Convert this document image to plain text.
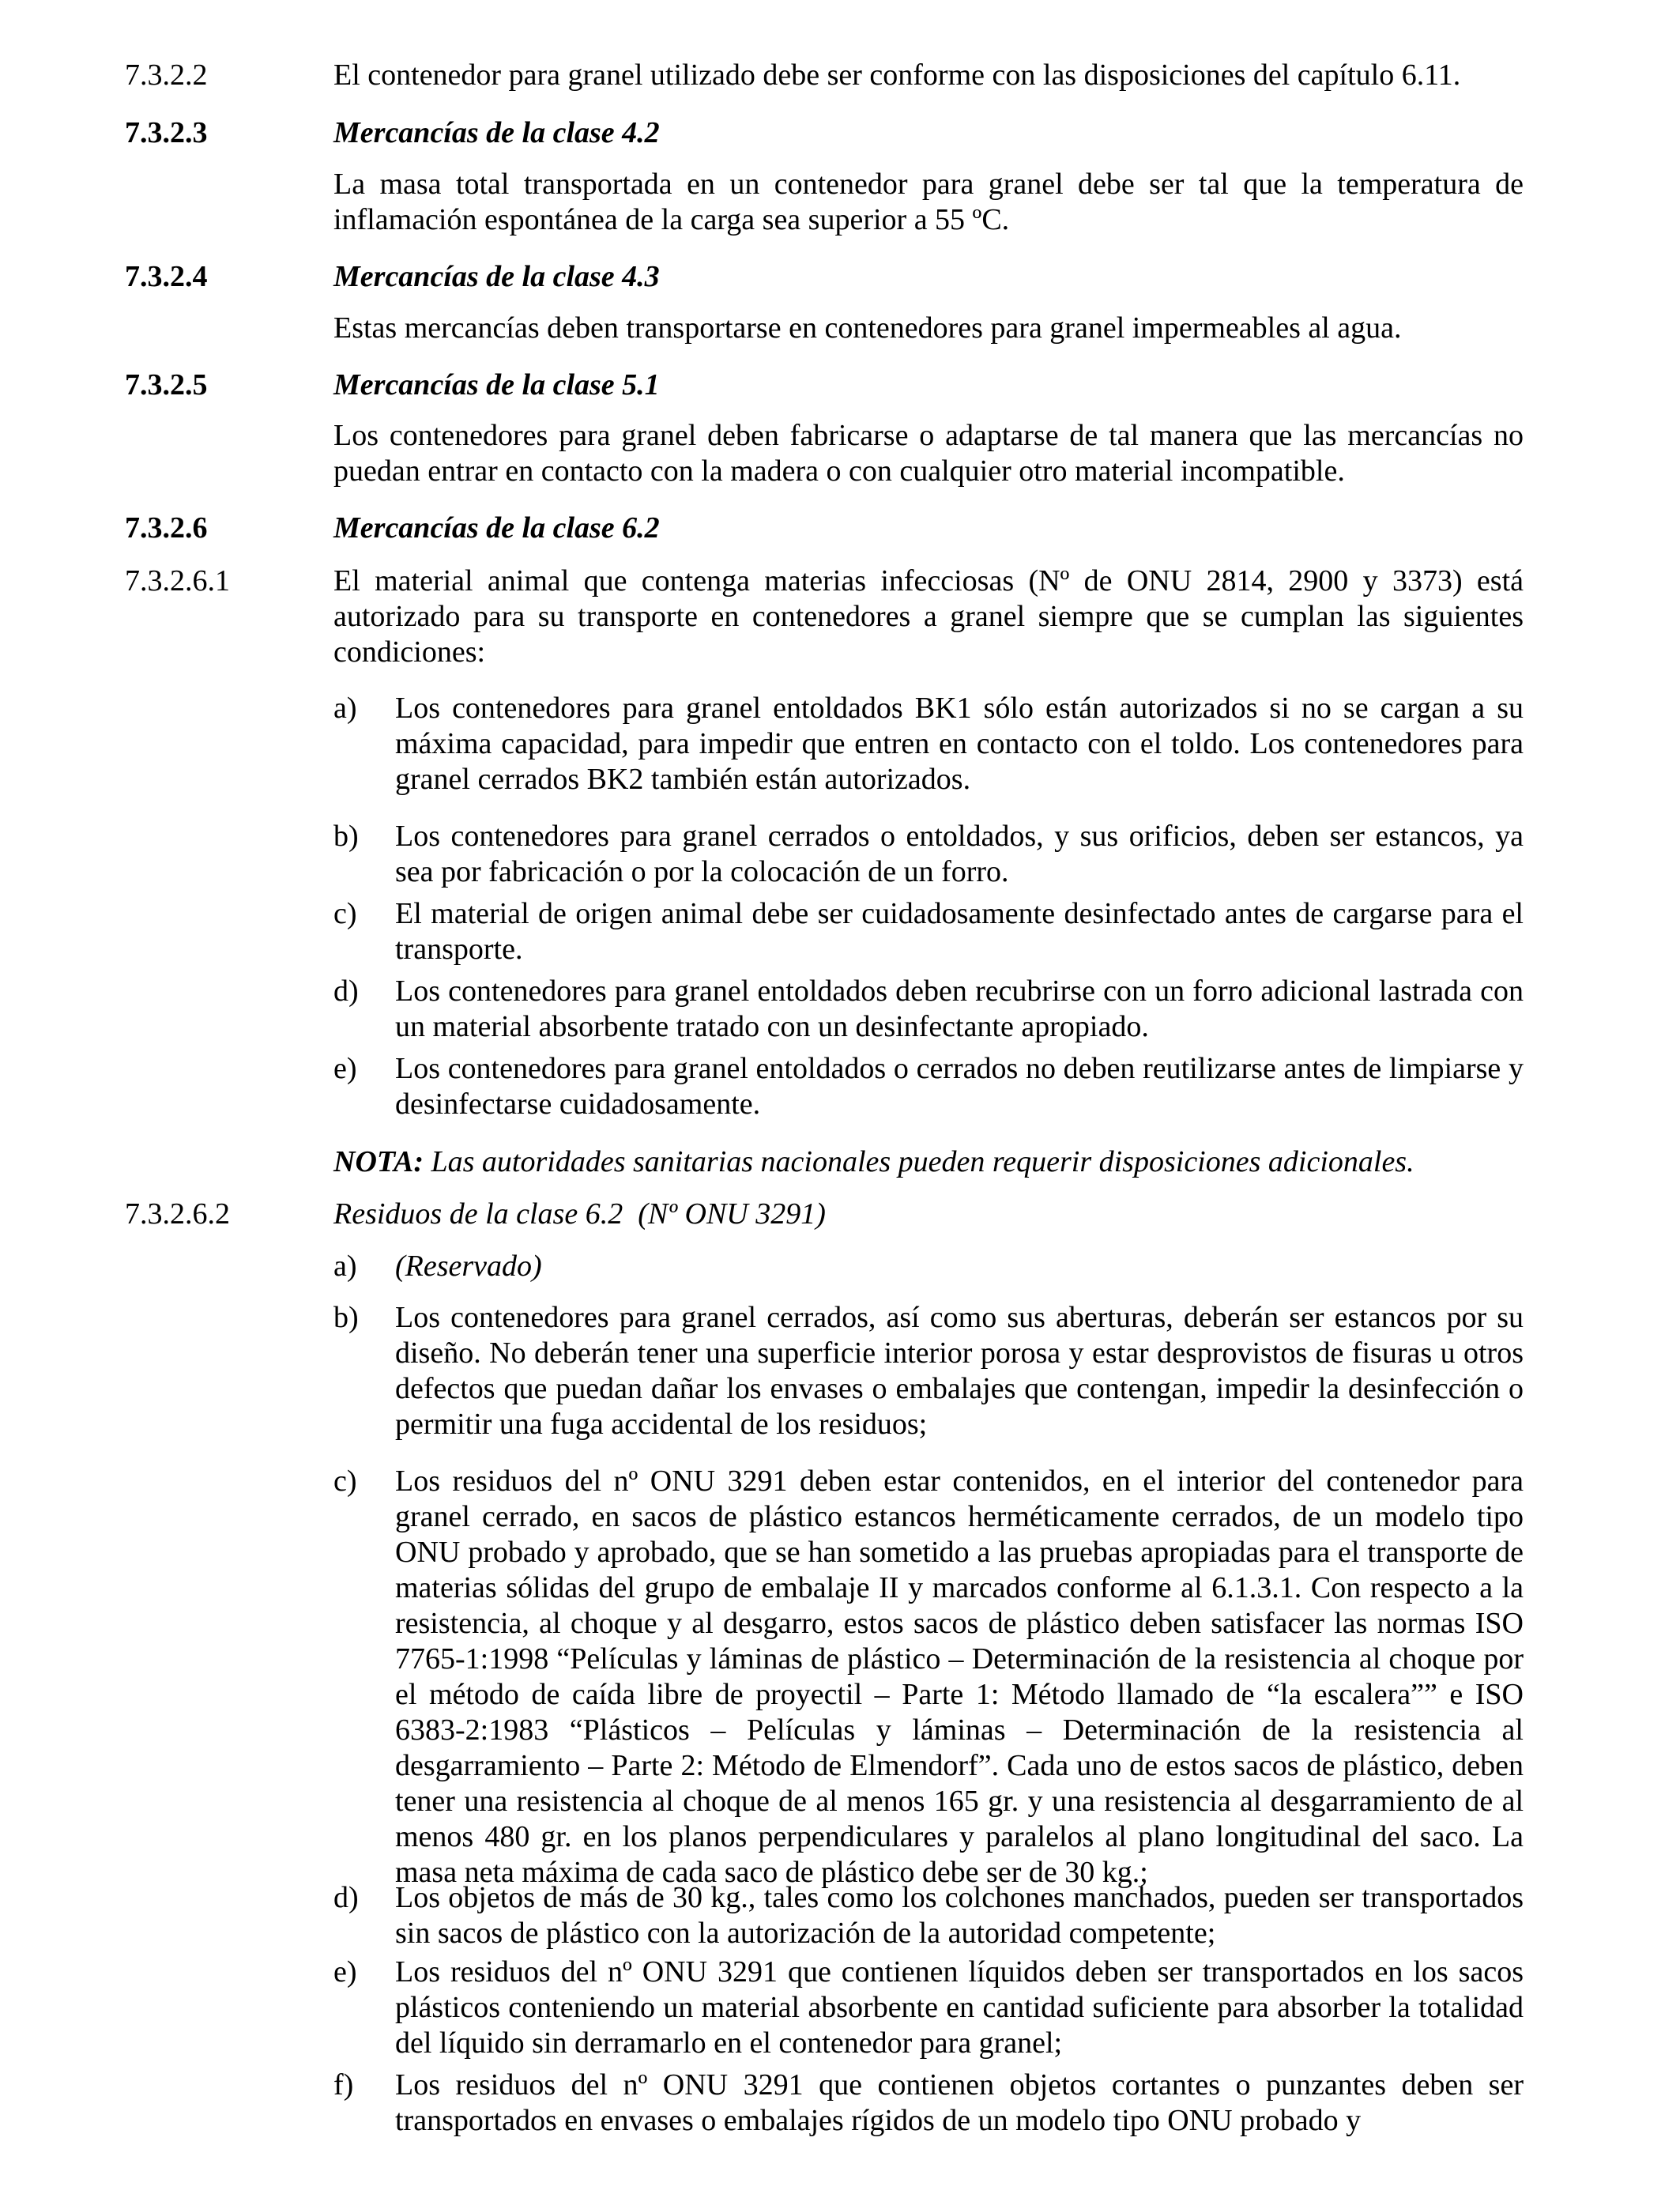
7.3.2.2	El contenedor para granel utilizado debe ser conforme con las disposiciones del capítulo 6.11.
7.3.2.3	Mercancías de la clase 4.2
La masa total transportada en un contenedor para granel debe ser tal que la temperatura de inflamación espontánea de la carga sea superior a 55 ºC.
7.3.2.4	Mercancías de la clase 4.3
Estas mercancías deben transportarse en contenedores para granel impermeables al agua.
7.3.2.5	Mercancías de la clase 5.1
Los contenedores para granel deben fabricarse o adaptarse de tal manera que las mercancías no puedan entrar en contacto con la madera o con cualquier otro material incompatible.
7.3.2.6	Mercancías de la clase 6.2
7.3.2.6.1	El material animal que contenga materias infecciosas (Nº de ONU 2814, 2900 y 3373) está autorizado para su transporte en contenedores a granel siempre que se cumplan las siguientes condiciones:
a) Los contenedores para granel entoldados BK1 sólo están autorizados si no se cargan a su máxima capacidad, para impedir que entren en contacto con el toldo. Los contenedores para granel cerrados BK2 también están autorizados.
b) Los contenedores para granel cerrados o entoldados, y sus orificios, deben ser estancos, ya sea por fabricación o por la colocación de un forro.
c) El material de origen animal debe ser cuidadosamente desinfectado antes de cargarse para el transporte.
d) Los contenedores para granel entoldados deben recubrirse con un forro adicional lastrada con un material absorbente tratado con un desinfectante apropiado.
e) Los contenedores para granel entoldados o cerrados no deben reutilizarse antes de limpiarse y desinfectarse cuidadosamente.
NOTA: Las autoridades sanitarias nacionales pueden requerir disposiciones adicionales.
7.3.2.6.2	Residuos de la clase 6.2  (Nº ONU 3291)
a) (Reservado)
b) Los contenedores para granel cerrados, así como sus aberturas, deberán ser estancos por su diseño. No deberán tener una superficie interior porosa y estar desprovistos de fisuras u otros defectos que puedan dañar los envases o embalajes que contengan, impedir la desinfección o permitir una fuga accidental de los residuos;
c) Los residuos del nº ONU 3291 deben estar contenidos, en el interior del contenedor para granel cerrado, en sacos de plástico estancos herméticamente cerrados, de un modelo tipo ONU probado y aprobado, que se han sometido a las pruebas apropiadas para el transporte de materias sólidas del grupo de embalaje II y marcados conforme al 6.1.3.1. Con respecto a la resistencia, al choque y al desgarro, estos sacos de plástico deben satisfacer las normas ISO 7765-1:1998 “Películas y láminas de plástico – Determinación de la resistencia al choque por el método de caída libre de proyectil – Parte 1: Método llamado de “la escalera”” e ISO 6383-2:1983 “Plásticos – Películas y láminas – Determinación de la resistencia al desgarramiento – Parte 2: Método de Elmendorf”. Cada uno de estos sacos de plástico, deben tener una resistencia al choque de al menos 165 gr. y una resistencia al desgarramiento de al menos 480 gr. en los planos perpendiculares y paralelos al plano longitudinal del saco. La masa neta máxima de cada saco de plástico debe ser de 30 kg.;
d) Los objetos de más de 30 kg., tales como los colchones manchados, pueden ser transportados sin sacos de plástico con la autorización de la autoridad competente;
e) Los residuos del nº ONU 3291 que contienen líquidos deben ser transportados en los sacos plásticos conteniendo un material absorbente en cantidad suficiente para absorber la totalidad del líquido sin derramarlo en el contenedor para granel;
f) Los residuos del nº ONU 3291 que contienen objetos cortantes o punzantes deben ser transportados en envases o embalajes rígidos de un modelo tipo ONU probado y
